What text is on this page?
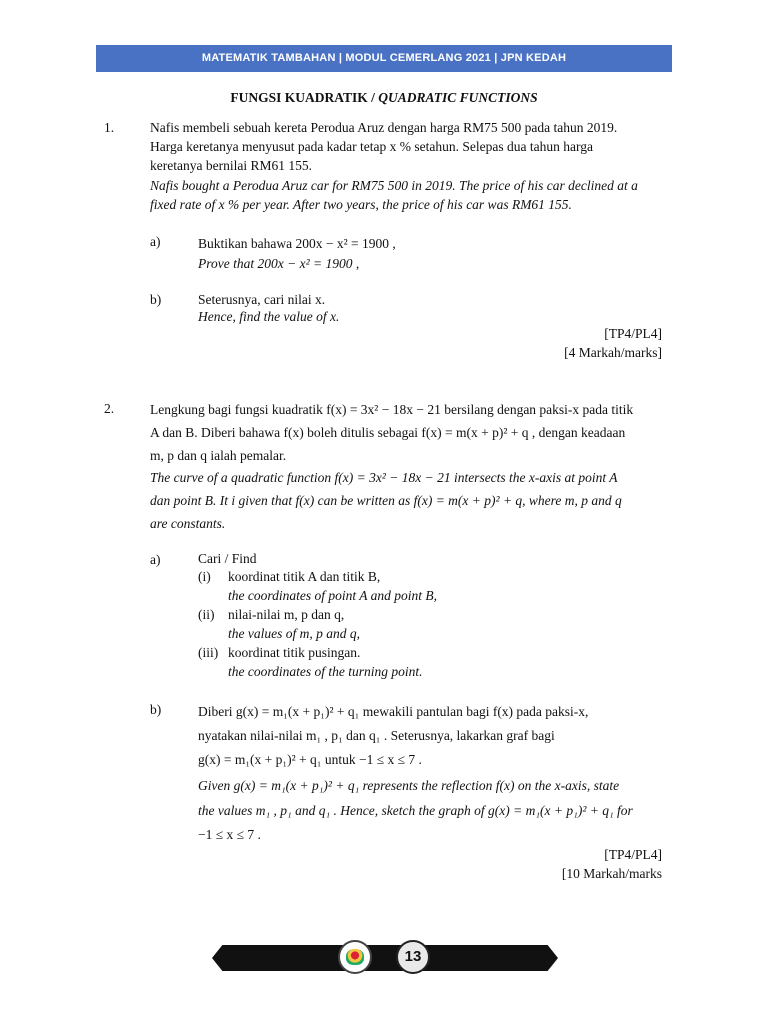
MATEMATIK TAMBAHAN | MODUL CEMERLANG 2021 | JPN KEDAH
FUNGSI KUADRATIK / QUADRATIC FUNCTIONS
1.	Nafis membeli sebuah kereta Perodua Aruz dengan harga RM75 500 pada tahun 2019.
Harga keretanya menyusut pada kadar tetap x % setahun. Selepas dua tahun harga
keretanya bernilai RM61 155.
Nafis bought a Perodua Aruz car for RM75 500 in 2019. The price of his car declined at a
fixed rate of x % per year. After two years, the price of his car was RM61 155.
a)	Buktikan bahawa 200x − x² = 1900 ,
Prove that 200x − x² = 1900 ,
b)	Seterusnya, cari nilai x.
Hence, find the value of x.
[TP4/PL4]
[4 Markah/marks]
2.	Lengkung bagi fungsi kuadratik f(x) = 3x² − 18x − 21 bersilang dengan paksi-x pada titik
A dan B. Diberi bahawa f(x) boleh ditulis sebagai f(x) = m(x + p)² + q , dengan keadaan
m, p dan q ialah pemalar.
The curve of a quadratic function f(x) = 3x² − 18x − 21 intersects the x-axis at point A
dan point B. It i given that f(x) can be written as f(x) = m(x + p)² + q, where m, p and q
are constants.
a)	Cari / Find
(i) koordinat titik A dan titik B,
the coordinates of point A and point B,
(ii) nilai-nilai m, p dan q,
the values of m, p and q,
(iii) koordinat titik pusingan.
the coordinates of the turning point.
b)	Diberi g(x) = m₁(x + p₁)² + q₁ mewakili pantulan bagi f(x) pada paksi-x,
nyatakan nilai-nilai m₁ , p₁ dan q₁ . Seterusnya, lakarkan graf bagi
g(x) = m₁(x + p₁)² + q₁ untuk −1 ≤ x ≤ 7 .
Given g(x) = m₁(x + p₁)² + q₁ represents the reflection f(x) on the x-axis, state
the values m₁ , p₁ and q₁ . Hence, sketch the graph of g(x) = m₁(x + p₁)² + q₁ for
−1 ≤ x ≤ 7 .
[TP4/PL4]
[10 Markah/marks
13
